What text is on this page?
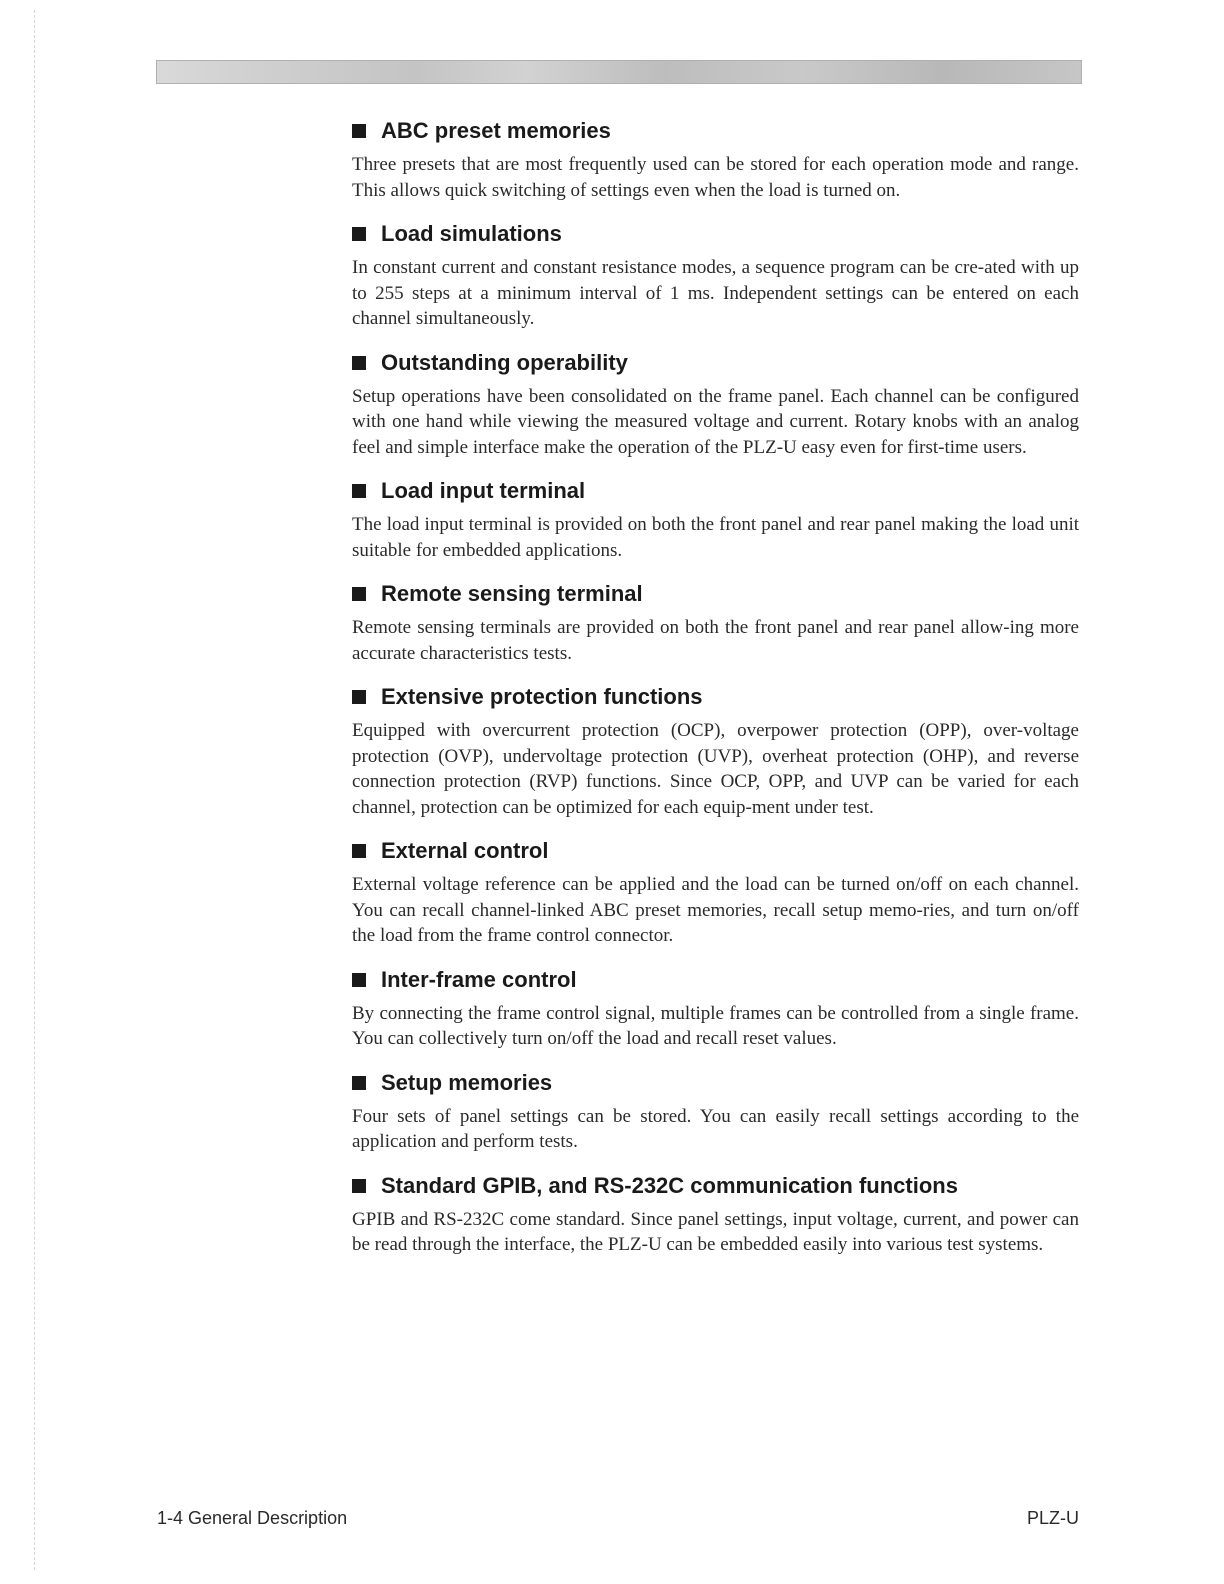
ABC preset memories

Three presets that are most frequently used can be stored for each operation mode and range. This allows quick switching of settings even when the load is turned on.

Load simulations

In constant current and constant resistance modes, a sequence program can be cre-ated with up to 255 steps at a minimum interval of 1 ms. Independent settings can be entered on each channel simultaneously.

Outstanding operability

Setup operations have been consolidated on the frame panel. Each channel can be configured with one hand while viewing the measured voltage and current. Rotary knobs with an analog feel and simple interface make the operation of the PLZ-U easy even for first-time users.

Load input terminal

The load input terminal is provided on both the front panel and rear panel making the load unit suitable for embedded applications.

Remote sensing terminal

Remote sensing terminals are provided on both the front panel and rear panel allow-ing more accurate characteristics tests.

Extensive protection functions

Equipped with overcurrent protection (OCP), overpower protection (OPP), over-voltage protection (OVP), undervoltage protection (UVP), overheat protection (OHP), and reverse connection protection (RVP) functions. Since OCP, OPP, and UVP can be varied for each channel, protection can be optimized for each equip-ment under test.

External control

External voltage reference can be applied and the load can be turned on/off on each channel. You can recall channel-linked ABC preset memories, recall setup memo-ries, and turn on/off the load from the frame control connector.

Inter-frame control

By connecting the frame control signal, multiple frames can be controlled from a single frame. You can collectively turn on/off the load and recall reset values.

Setup memories

Four sets of panel settings can be stored. You can easily recall settings according to the application and perform tests.

Standard GPIB, and RS-232C communication functions

GPIB and RS-232C come standard. Since panel settings, input voltage, current, and power can be read through the interface, the PLZ-U can be embedded easily into various test systems.

1-4 General Description	PLZ-U
